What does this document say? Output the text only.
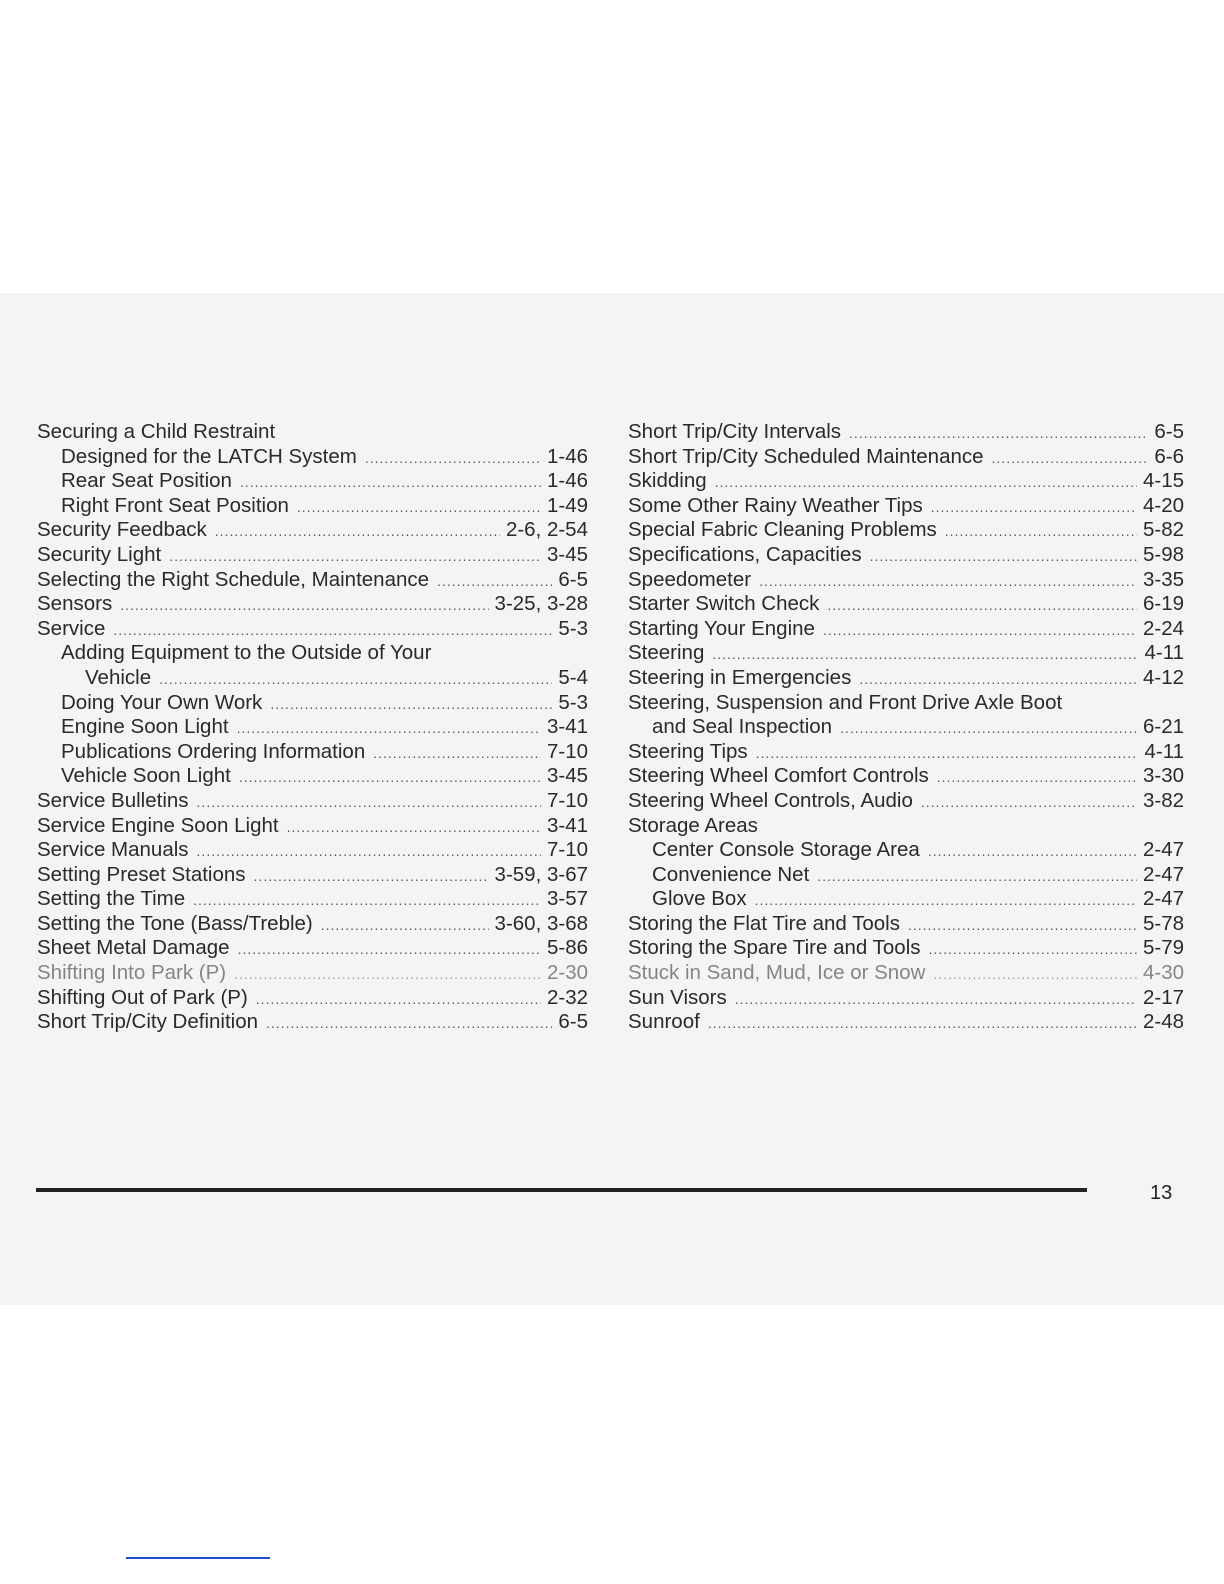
Securing a Child Restraint
Designed for the LATCH System .....	1-46
Rear Seat Position .....	1-46
Right Front Seat Position .....	1-49
Security Feedback .....	2-6, 2-54
Security Light .....	3-45
Selecting the Right Schedule, Maintenance .....	6-5
Sensors .....	3-25, 3-28
Service .....	5-3
Adding Equipment to the Outside of Your
Vehicle .....	5-4
Doing Your Own Work .....	5-3
Engine Soon Light .....	3-41
Publications Ordering Information .....	7-10
Vehicle Soon Light .....	3-45
Service Bulletins .....	7-10
Service Engine Soon Light .....	3-41
Service Manuals .....	7-10
Setting Preset Stations .....	3-59, 3-67
Setting the Time .....	3-57
Setting the Tone (Bass/Treble) .....	3-60, 3-68
Sheet Metal Damage .....	5-86
Shifting Into Park (P) .....	2-30
Shifting Out of Park (P) .....	2-32
Short Trip/City Definition .....	6-5
Short Trip/City Intervals .....	6-5
Short Trip/City Scheduled Maintenance .....	6-6
Skidding .....	4-15
Some Other Rainy Weather Tips .....	4-20
Special Fabric Cleaning Problems .....	5-82
Specifications, Capacities .....	5-98
Speedometer .....	3-35
Starter Switch Check .....	6-19
Starting Your Engine .....	2-24
Steering .....	4-11
Steering in Emergencies .....	4-12
Steering, Suspension and Front Drive Axle Boot
and Seal Inspection .....	6-21
Steering Tips .....	4-11
Steering Wheel Comfort Controls .....	3-30
Steering Wheel Controls, Audio .....	3-82
Storage Areas
Center Console Storage Area .....	2-47
Convenience Net .....	2-47
Glove Box .....	2-47
Storing the Flat Tire and Tools .....	5-78
Storing the Spare Tire and Tools .....	5-79
Stuck in Sand, Mud, Ice or Snow .....	4-30
Sun Visors .....	2-17
Sunroof .....	2-48
13
